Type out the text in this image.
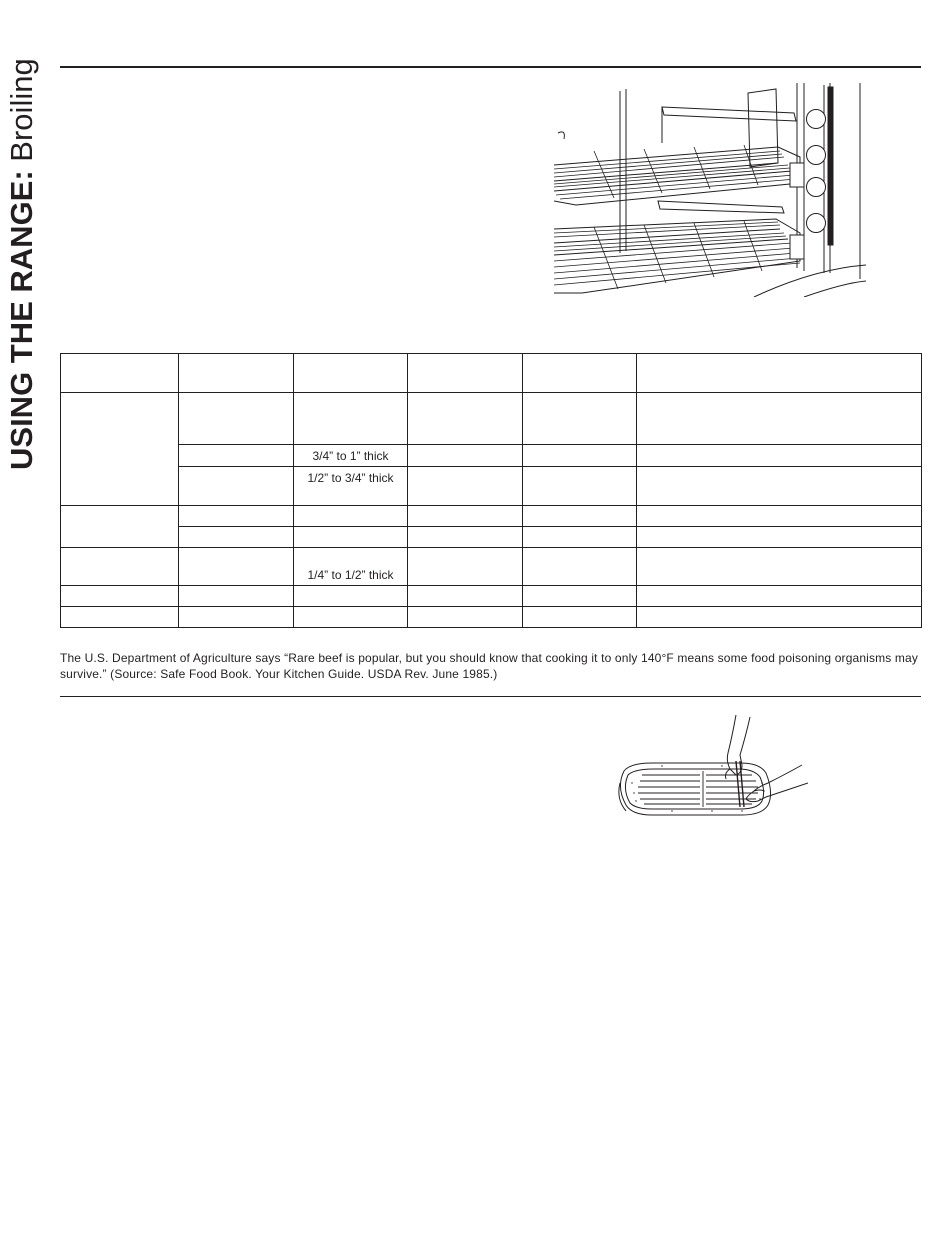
USING THE RANGE: Broiling

		3/4” to 1” thick			

		1/2” to 3/4” thick			

		1/4” to 1/2” thick			

The U.S. Department of Agriculture says “Rare beef is popular, but you should know that cooking it to only 140°F means some food poisoning organisms may survive.” (Source: Safe Food Book. Your Kitchen Guide. USDA Rev. June 1985.)
